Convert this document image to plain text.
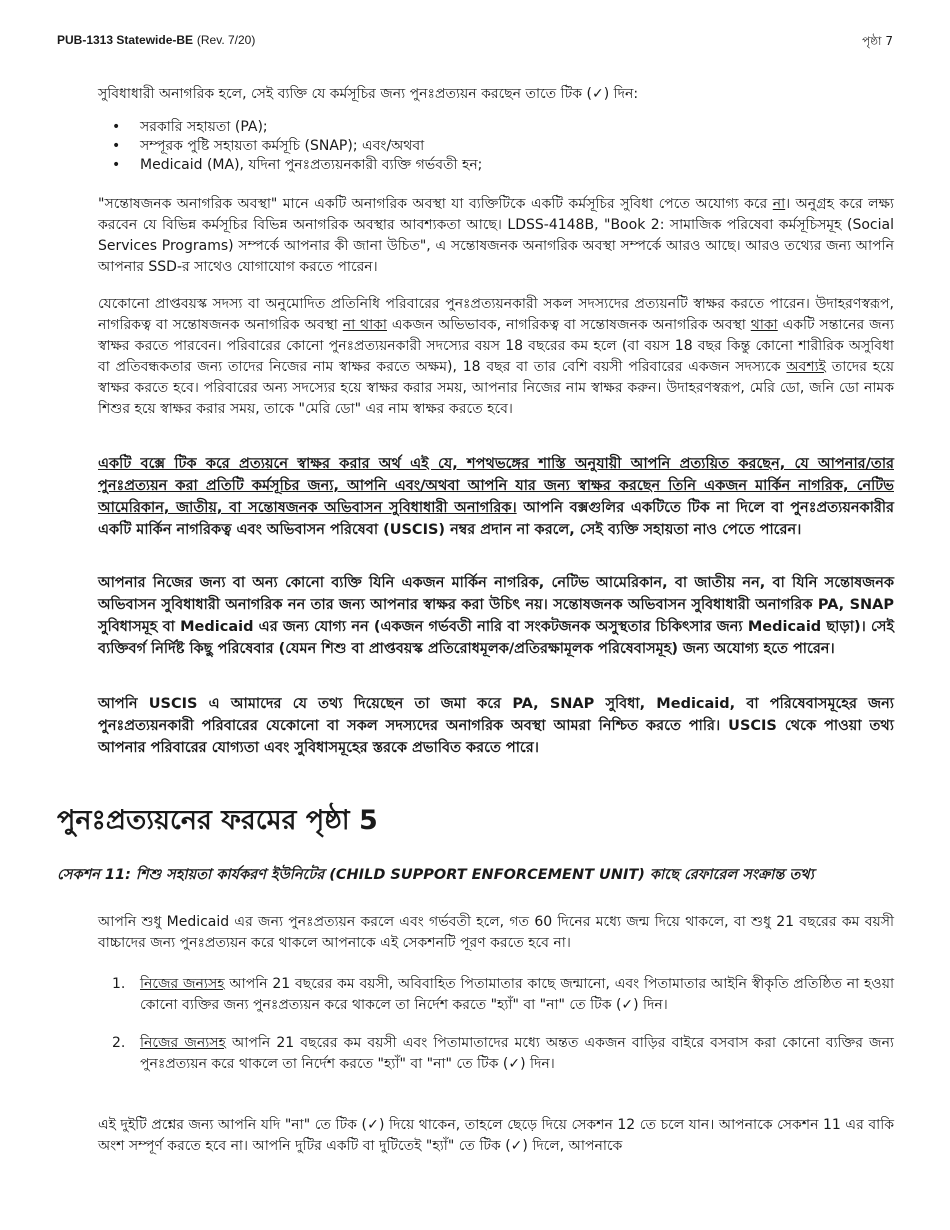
PUB-1313 Statewide-BE (Rev. 7/20)	পৃষ্ঠা 7

সুবিধাধারী অনাগরিক হলে, সেই ব্যক্তি যে কর্মসূচির জন্য পুনঃপ্রত্যয়ন করছেন তাতে টিক (✓) দিন:

• সরকারি সহায়তা (PA);
• সম্পূরক পুষ্টি সহায়তা কর্মসূচি (SNAP); এবং/অথবা
• Medicaid (MA), যদিনা পুনঃপ্রত্যয়নকারী ব্যক্তি গর্ভবতী হন;

"সন্তোষজনক অনাগরিক অবস্থা" মানে একটি অনাগরিক অবস্থা যা ব্যক্তিটিকে একটি কর্মসূচির সুবিধা পেতে অযোগ্য করে না। অনুগ্রহ করে লক্ষ্য করবেন যে বিভিন্ন কর্মসূচির বিভিন্ন অনাগরিক অবস্থার আবশ্যকতা আছে। LDSS-4148B, "Book 2: সামাজিক পরিষেবা কর্মসূচিসমূহ (Social Services Programs) সম্পর্কে আপনার কী জানা উচিত", এ সন্তোষজনক অনাগরিক অবস্থা সম্পর্কে আরও আছে। আরও তথ্যের জন্য আপনি আপনার SSD-র সাথেও যোগাযোগ করতে পারেন।

যেকোনো প্রাপ্তবয়স্ক সদস্য বা অনুমোদিত প্রতিনিধি পরিবারের পুনঃপ্রত্যয়নকারী সকল সদস্যদের প্রত্যয়নটি স্বাক্ষর করতে পারেন। উদাহরণস্বরূপ, নাগরিকত্ব বা সন্তোষজনক অনাগরিক অবস্থা না থাকা একজন অভিভাবক, নাগরিকত্ব বা সন্তোষজনক অনাগরিক অবস্থা থাকা একটি সন্তানের জন্য স্বাক্ষর করতে পারবেন। পরিবারের কোনো পুনঃপ্রত্যয়নকারী সদস্যের বয়স 18 বছরের কম হলে (বা বয়স 18 বছর কিন্তু কোনো শারীরিক অসুবিধা বা প্রতিবন্ধকতার জন্য তাদের নিজের নাম স্বাক্ষর করতে অক্ষম), 18 বছর বা তার বেশি বয়সী পরিবারের একজন সদস্যকে অবশ্যই তাদের হয়ে স্বাক্ষর করতে হবে। পরিবারের অন্য সদস্যের হয়ে স্বাক্ষর করার সময়, আপনার নিজের নাম স্বাক্ষর করুন। উদাহরণস্বরূপ, মেরি ডো, জনি ডো নামক শিশুর হয়ে স্বাক্ষর করার সময়, তাকে "মেরি ডো" এর নাম স্বাক্ষর করতে হবে।

একটি বক্সে টিক করে প্রত্যয়নে স্বাক্ষর করার অর্থ এই যে, শপথভঙ্গের শাস্তি অনুযায়ী আপনি প্রত্যয়িত করছেন, যে আপনার/তার পুনঃপ্রত্যয়ন করা প্রতিটি কর্মসূচির জন্য, আপনি এবং/অথবা আপনি যার জন্য স্বাক্ষর করছেন তিনি একজন মার্কিন নাগরিক, নেটিভ আমেরিকান, জাতীয়, বা সন্তোষজনক অভিবাসন সুবিধাধারী অনাগরিক। আপনি বক্সগুলির একটিতে টিক না দিলে বা পুনঃপ্রত্যয়নকারীর একটি মার্কিন নাগরিকত্ব এবং অভিবাসন পরিষেবা (USCIS) নম্বর প্রদান না করলে, সেই ব্যক্তি সহায়তা নাও পেতে পারেন।

আপনার নিজের জন্য বা অন্য কোনো ব্যক্তি যিনি একজন মার্কিন নাগরিক, নেটিভ আমেরিকান, বা জাতীয় নন, বা যিনি সন্তোষজনক অভিবাসন সুবিধাধারী অনাগরিক নন তার জন্য আপনার স্বাক্ষর করা উচিৎ নয়। সন্তোষজনক অভিবাসন সুবিধাধারী অনাগরিক PA, SNAP সুবিধাসমূহ বা Medicaid এর জন্য যোগ্য নন (একজন গর্ভবতী নারি বা সংকটজনক অসুস্থতার চিকিৎসার জন্য Medicaid ছাড়া)। সেই ব্যক্তিবর্গ নির্দিষ্ট কিছু পরিষেবার (যেমন শিশু বা প্রাপ্তবয়স্ক প্রতিরোধমূলক/প্রতিরক্ষামূলক পরিষেবাসমূহ) জন্য অযোগ্য হতে পারেন।

আপনি USCIS এ আমাদের যে তথ্য দিয়েছেন তা জমা করে PA, SNAP সুবিধা, Medicaid, বা পরিষেবাসমূহের জন্য পুনঃপ্রত্যয়নকারী পরিবারের যেকোনো বা সকল সদস্যদের অনাগরিক অবস্থা আমরা নিশ্চিত করতে পারি। USCIS থেকে পাওয়া তথ্য আপনার পরিবারের যোগ্যতা এবং সুবিধাসমূহের স্তরকে প্রভাবিত করতে পারে।

পুনঃপ্রত্যয়নের ফরমের পৃষ্ঠা 5
সেকশন 11: শিশু সহায়তা কার্যকরণ ইউনিটের (CHILD SUPPORT ENFORCEMENT UNIT) কাছে রেফারেল সংক্রান্ত তথ্য

আপনি শুধু Medicaid এর জন্য পুনঃপ্রত্যয়ন করলে এবং গর্ভবতী হলে, গত 60 দিনের মধ্যে জন্ম দিয়ে থাকলে, বা শুধু 21 বছরের কম বয়সী বাচ্চাদের জন্য পুনঃপ্রত্যয়ন করে থাকলে আপনাকে এই সেকশনটি পূরণ করতে হবে না।

1. নিজের জন্যসহ আপনি 21 বছরের কম বয়সী, অবিবাহিত পিতামাতার কাছে জন্মানো, এবং পিতামাতার আইনি স্বীকৃতি প্রতিষ্ঠিত না হওয়া কোনো ব্যক্তির জন্য পুনঃপ্রত্যয়ন করে থাকলে তা নির্দেশ করতে "হ্যাঁ" বা "না" তে টিক (✓) দিন।
2. নিজের জন্যসহ আপনি 21 বছরের কম বয়সী এবং পিতামাতাদের মধ্যে অন্তত একজন বাড়ির বাইরে বসবাস করা কোনো ব্যক্তির জন্য পুনঃপ্রত্যয়ন করে থাকলে তা নির্দেশ করতে "হ্যাঁ" বা "না" তে টিক (✓) দিন।

এই দুইটি প্রশ্নের জন্য আপনি যদি "না" তে টিক (✓) দিয়ে থাকেন, তাহলে ছেড়ে দিয়ে সেকশন 12 তে চলে যান। আপনাকে সেকশন 11 এর বাকি অংশ সম্পূর্ণ করতে হবে না। আপনি দুটির একটি বা দুটিতেই "হ্যাঁ" তে টিক (✓) দিলে, আপনাকে
